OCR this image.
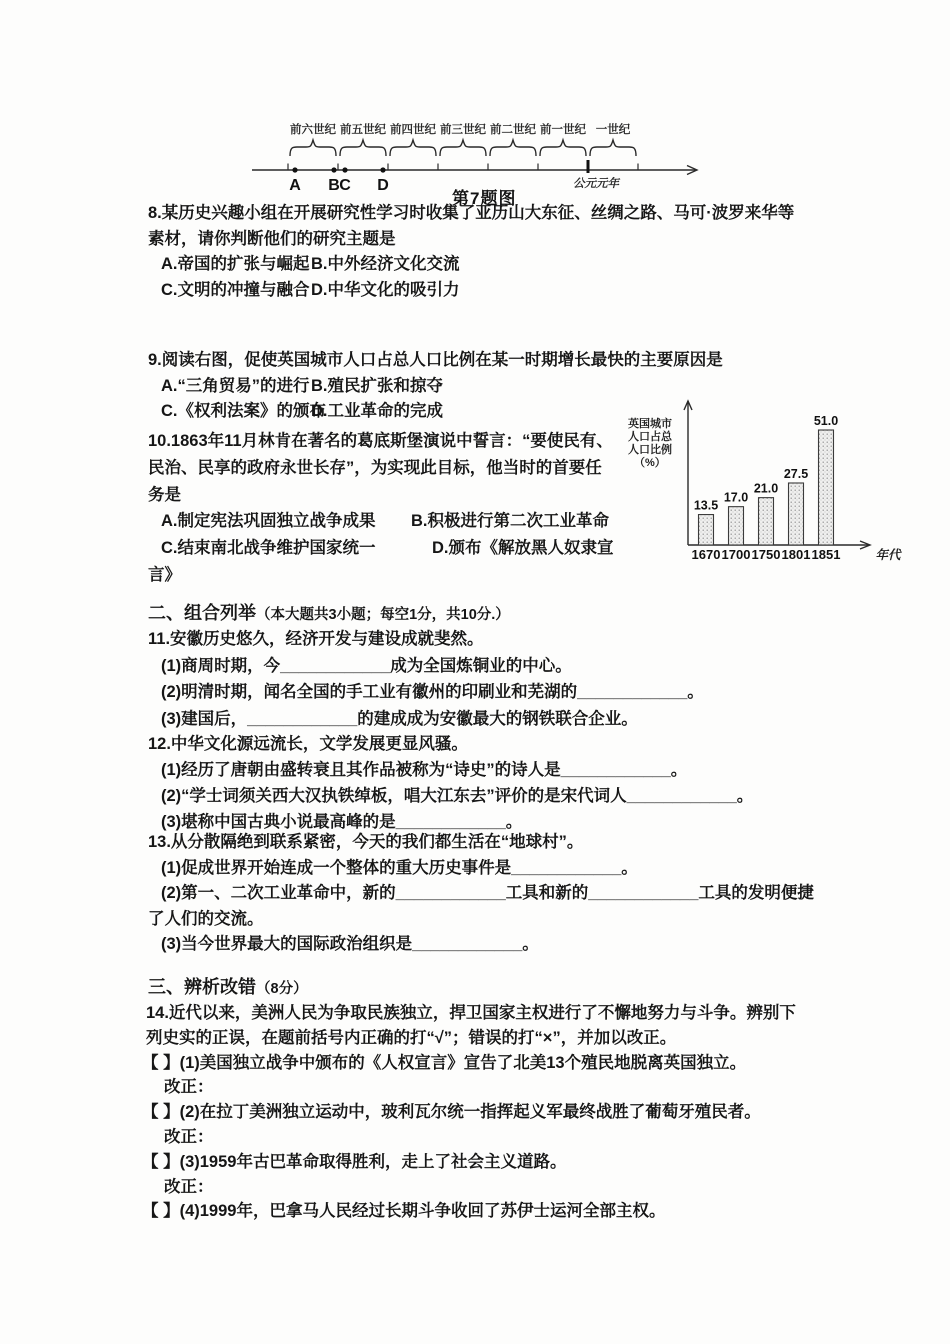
前六世纪 前五世纪 前四世纪 前三世纪 前二世纪 前一世纪 一世纪
公元元年
A B C D
第7题图
8.某历史兴趣小组在开展研究性学习时收集了亚历山大东征、丝绸之路、马可·波罗来华等
素材，请你判断他们的研究主题是
A.帝国的扩张与崛起 B.中外经济文化交流
C.文明的冲撞与融合 D.中华文化的吸引力
9.阅读右图，促使英国城市人口占总人口比例在某一时期增长最快的主要原因是
A.“三角贸易”的进行 B.殖民扩张和掠夺
C.《权利法案》的颁布
D.工业革命的完成
英国城市
人口占总
人口比例
（%）
13.5
1670
17.0
1700
21.0
1750
27.5
1801
51.0
1851	年代
10.1863年11月林肯在著名的葛底斯堡演说中誓言：“要使民有、
民治、民享的政府永世长存”，为实现此目标，他当时的首要任
务是
A.制定宪法巩固独立战争成果	B.积极进行第二次工业革命
C.结束南北战争维护国家统一	D.颁布《解放黑人奴隶宣
言》
二、组合列举（本大题共3小题；每空1分，共10分.）
11.安徽历史悠久，经济开发与建设成就斐然。
(1)商周时期，今____________成为全国炼铜业的中心。
(2)明清时期，闻名全国的手工业有徽州的印刷业和芜湖的____________。
(3)建国后，____________的建成成为安徽最大的钢铁联合企业。
12.中华文化源远流长，文学发展更显风骚。
(1)经历了唐朝由盛转衰且其作品被称为“诗史”的诗人是____________。
(2)“学士词须关西大汉执铁绰板，唱大江东去”评价的是宋代词人____________。
(3)堪称中国古典小说最高峰的是____________。
13.从分散隔绝到联系紧密，今天的我们都生活在“地球村”。
(1)促成世界开始连成一个整体的重大历史事件是____________。
(2)第一、二次工业革命中，新的____________工具和新的____________工具的发明便捷
了人们的交流。
(3)当今世界最大的国际政治组织是____________。
三、辨析改错（8分）
14.近代以来，美洲人民为争取民族独立，捍卫国家主权进行了不懈地努力与斗争。辨别下
列史实的正误，在题前括号内正确的打“√”；错误的打“×”，并加以改正。
【 】(1)美国独立战争中颁布的《人权宣言》宣告了北美13个殖民地脱离英国独立。
改正：
【 】(2)在拉丁美洲独立运动中，玻利瓦尔统一指挥起义军最终战胜了葡萄牙殖民者。
改正：
【 】(3)1959年古巴革命取得胜利，走上了社会主义道路。
改正：
【 】(4)1999年，巴拿马人民经过长期斗争收回了苏伊士运河全部主权。
